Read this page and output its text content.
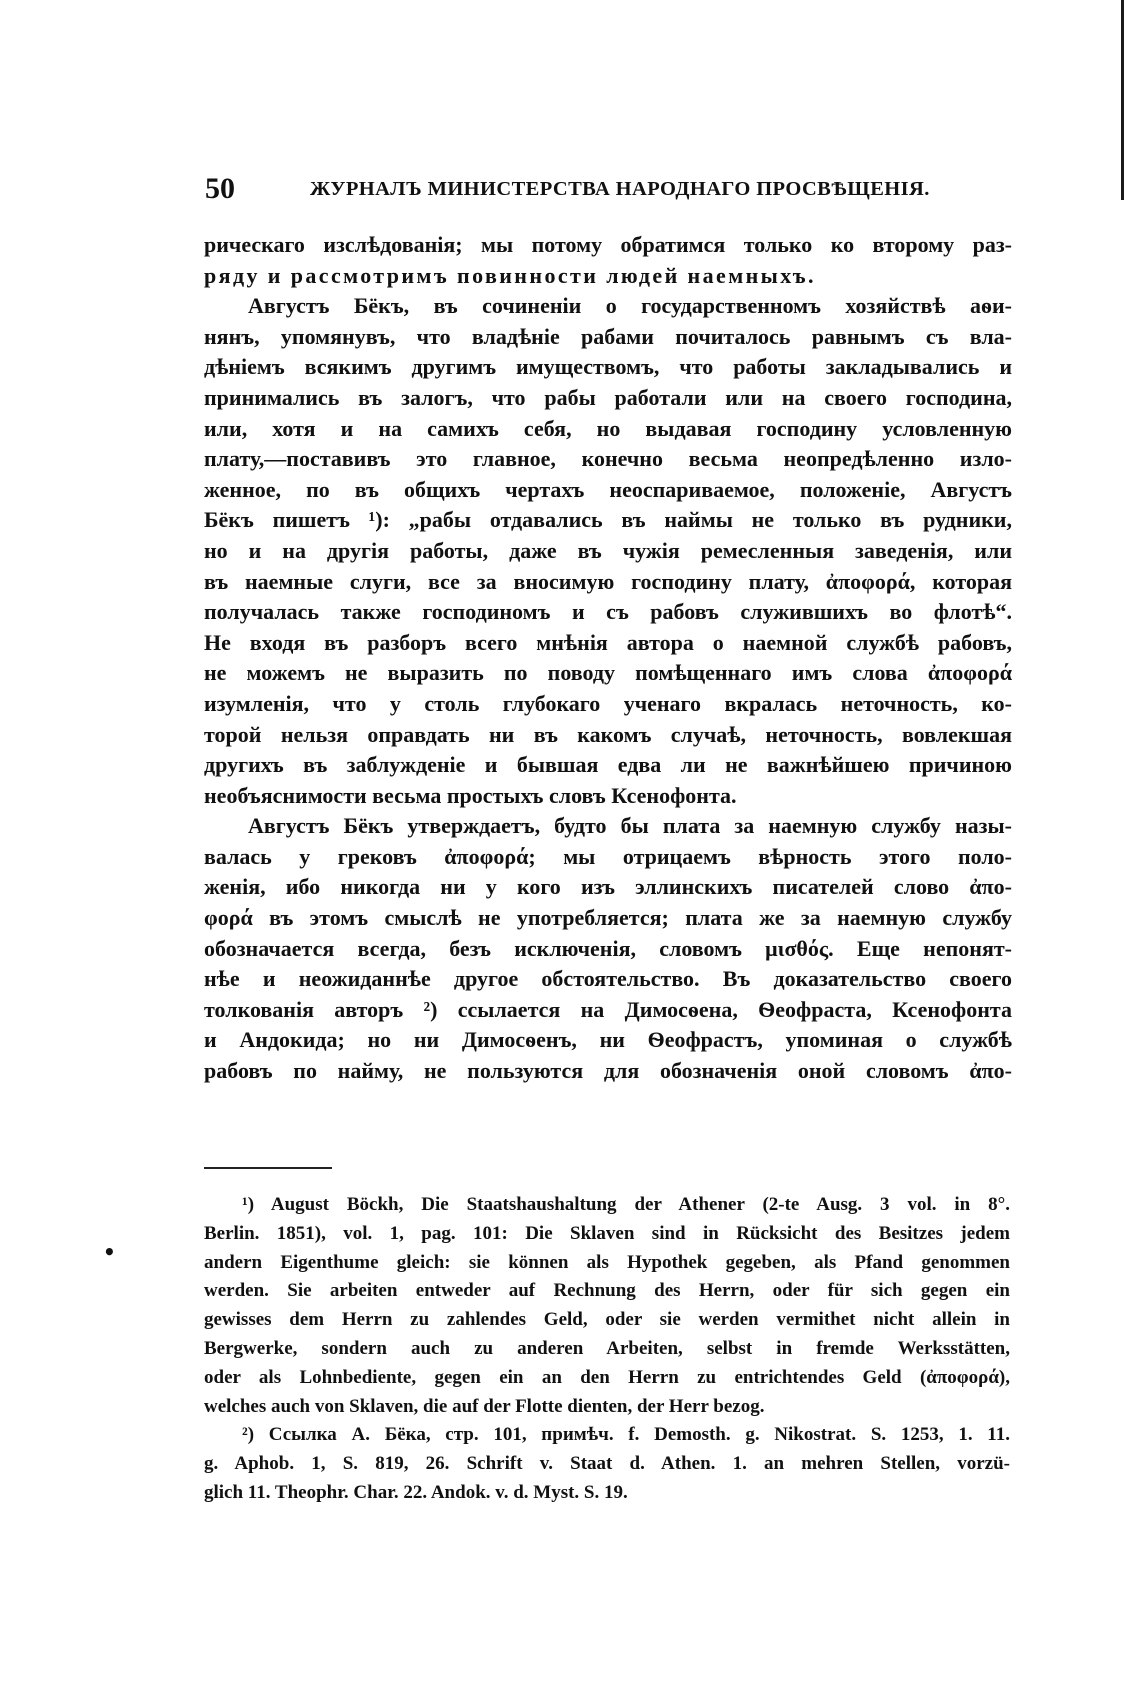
50	ЖУРНАЛЪ МИНИСТЕРСТВА НАРОДНАГО ПРОСВѢЩЕНІЯ.
рическаго изслѣдованія; мы потому обратимся только ко второму раз-
ряду и рассмотримъ повинности людей наемныхъ.
Августъ Бёкъ, въ сочиненіи о государственномъ хозяйствѣ аѳи-
нянъ, упомянувъ, что владѣніе рабами почиталось равнымъ съ вла-
дѣніемъ всякимъ другимъ имуществомъ, что работы закладывались и
принимались въ залогъ, что рабы работали или на своего господина,
или, хотя и на самихъ себя, но выдавая господину условленную
плату,—поставивъ это главное, конечно весьма неопредѣленно изло-
женное, по въ общихъ чертахъ неоспариваемое, положеніе, Августъ
Бёкъ пишетъ ¹): „рабы отдавались въ наймы не только въ рудники,
но и на другія работы, даже въ чужія ремесленныя заведенія, или
въ наемные слуги, все за вносимую господину плату, ἀποφορά, которая
получалась также господиномъ и съ рабовъ служившихъ во флотѣ“.
Не входя въ разборъ всего мнѣнія автора о наемной службѣ рабовъ,
не можемъ не выразить по поводу помѣщеннаго имъ слова ἀποφορά
изумленія, что у столь глубокаго ученаго вкралась неточность, ко-
торой нельзя оправдать ни въ какомъ случаѣ, неточность, вовлекшая
другихъ въ заблужденіе и бывшая едва ли не важнѣйшею причиною
необъяснимости весьма простыхъ словъ Ксенофонта.
Августъ Бёкъ утверждаетъ, будто бы плата за наемную службу назы-
валась у грековъ ἀποφορά; мы отрицаемъ вѣрность этого поло-
женія, ибо никогда ни у кого изъ эллинскихъ писателей слово ἀπο-
φορά въ этомъ смыслѣ не употребляется; плата же за наемную службу
обозначается всегда, безъ исключенія, словомъ μισθός. Еще непонят-
нѣе и неожиданнѣе другое обстоятельство. Въ доказательство своего
толкованія авторъ ²) ссылается на Димосѳена, Ѳеофраста, Ксенофонта
и Андокида; но ни Димосѳенъ, ни Ѳеофрастъ, упоминая о службѣ
рабовъ по найму, не пользуются для обозначенія оной словомъ ἀπο-
•
¹) August Böckh, Die Staatshaushaltung der Athener (2-te Ausg. 3 vol. in 8°.
Berlin. 1851), vol. 1, pag. 101: Die Sklaven sind in Rücksicht des Besitzes jedem
andern Eigenthume gleich: sie können als Hypothek gegeben, als Pfand genommen
werden. Sie arbeiten entweder auf Rechnung des Herrn, oder für sich gegen ein
gewisses dem Herrn zu zahlendes Geld, oder sie werden vermithet nicht allein in
Bergwerke, sondern auch zu anderen Arbeiten, selbst in fremde Werksstätten,
oder als Lohnbediente, gegen ein an den Herrn zu entrichtendes Geld (ἀποφορά),
welches auch von Sklaven, die auf der Flotte dienten, der Herr bezog.
²) Ссылка А. Бёка, стр. 101, примѣч. f. Demosth. g. Nikostrat. S. 1253, 1. 11.
g. Aphob. 1, S. 819, 26. Schrift v. Staat d. Athen. 1. an mehren Stellen, vorzü-
glich 11. Theophr. Char. 22. Andok. v. d. Myst. S. 19.
